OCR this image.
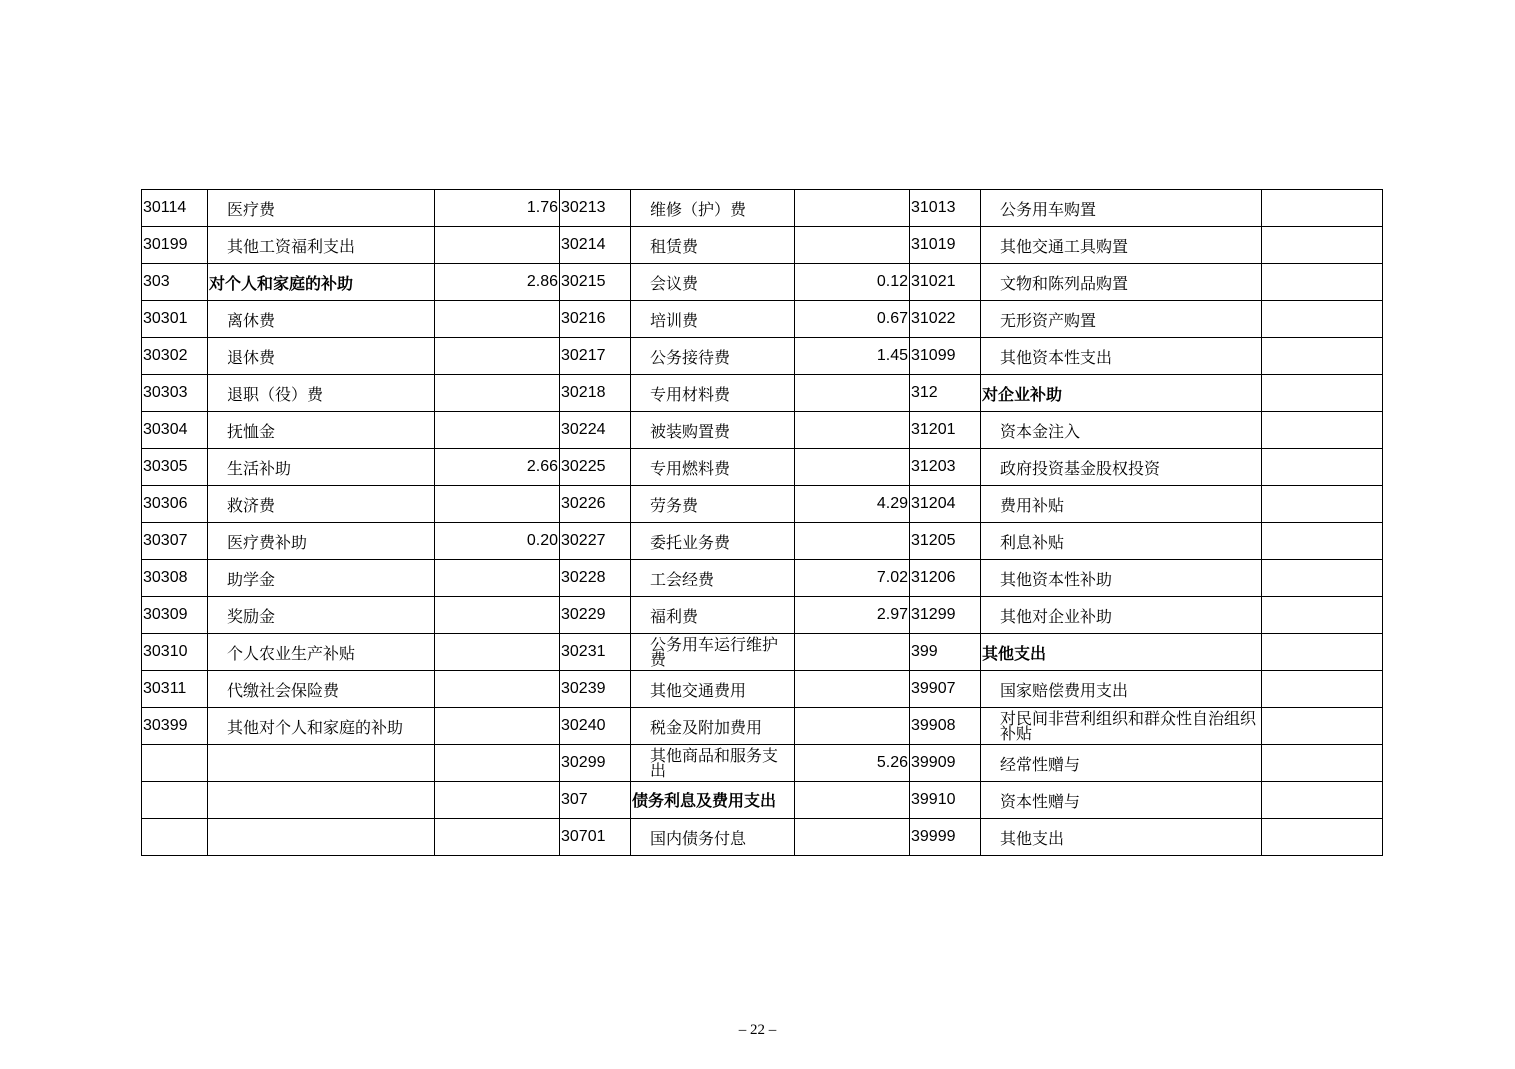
30114	医疗费	1.76	30213	维修（护）费		31013	公务用车购置	
30199	其他工资福利支出		30214	租赁费		31019	其他交通工具购置	
303	对个人和家庭的补助	2.86	30215	会议费	0.12	31021	文物和陈列品购置	
30301	离休费		30216	培训费	0.67	31022	无形资产购置	
30302	退休费		30217	公务接待费	1.45	31099	其他资本性支出	
30303	退职（役）费		30218	专用材料费		312	对企业补助	
30304	抚恤金		30224	被装购置费		31201	资本金注入	
30305	生活补助	2.66	30225	专用燃料费		31203	政府投资基金股权投资	
30306	救济费		30226	劳务费	4.29	31204	费用补贴	
30307	医疗费补助	0.20	30227	委托业务费		31205	利息补贴	
30308	助学金		30228	工会经费	7.02	31206	其他资本性补助	
30309	奖励金		30229	福利费	2.97	31299	其他对企业补助	
30310	个人农业生产补贴		30231	公务用车运行维护费		399	其他支出	
30311	代缴社会保险费		30239	其他交通费用		39907	国家赔偿费用支出	
30399	其他对个人和家庭的补助		30240	税金及附加费用		39908	对民间非营利组织和群众性自治组织补贴	
			30299	其他商品和服务支出	5.26	39909	经常性赠与	
			307	债务利息及费用支出		39910	资本性赠与	
			30701	国内债务付息		39999	其他支出	
– 22 –
